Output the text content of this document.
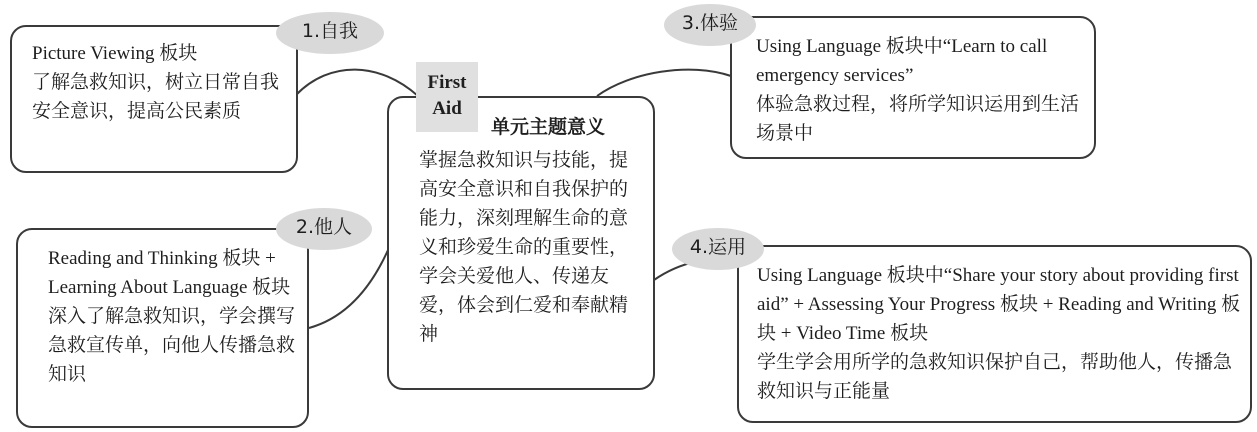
Picture Viewing 板块
了解急救知识，树立日常自我安全意识，提高公民素质
Reading and Thinking 板块 + Learning About Language 板块
深入了解急救知识，学会撰写急救宣传单，向他人传播急救知识
Using Language 板块中“Learn to call emergency services”
体验急救过程，将所学知识运用到生活场景中
Using Language 板块中“Share your story about providing first aid” + Assessing Your Progress 板块 + Reading and Writing 板块 + Video Time 板块
学生学会用所学的急救知识保护自己，帮助他人，传播急救知识与正能量
单元主题意义
掌握急救知识与技能，提高安全意识和自我保护的能力，深刻理解生命的意义和珍爱生命的重要性，学会关爱他人、传递友爱，体会到仁爱和奉献精神
First Aid
1.自我
2.他人
3.体验
4.运用
